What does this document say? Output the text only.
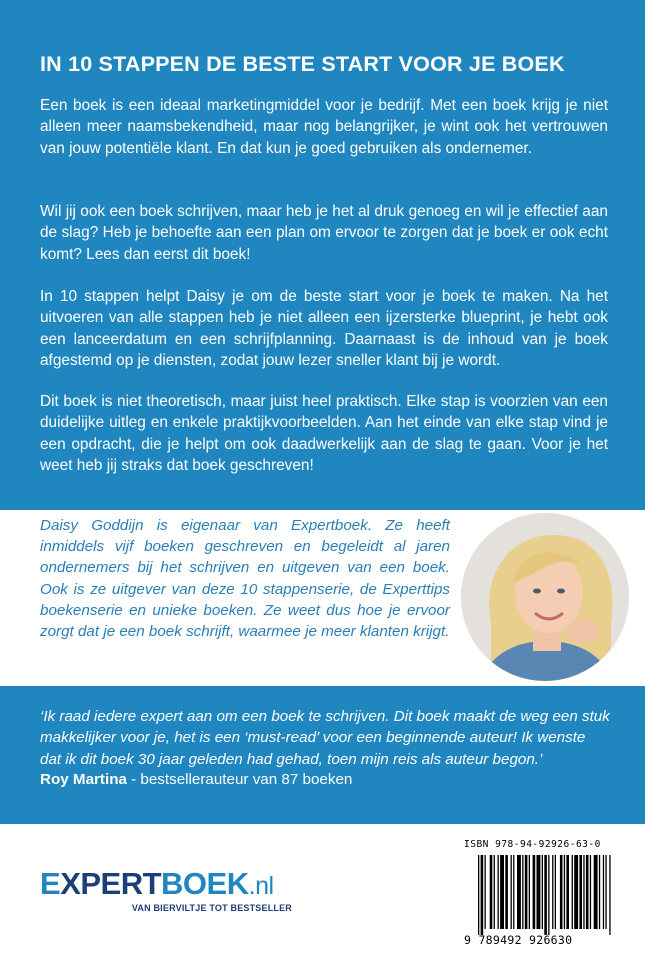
IN 10 STAPPEN DE BESTE START VOOR JE BOEK

Een boek is een ideaal marketingmiddel voor je bedrijf. Met een boek krijg je niet alleen meer naamsbekendheid, maar nog belangrijker, je wint ook het vertrouwen van jouw potentiële klant. En dat kun je goed gebruiken als ondernemer.

Wil jij ook een boek schrijven, maar heb je het al druk genoeg en wil je effectief aan de slag? Heb je behoefte aan een plan om ervoor te zorgen dat je boek er ook echt komt? Lees dan eerst dit boek!

In 10 stappen helpt Daisy je om de beste start voor je boek te maken. Na het uitvoeren van alle stappen heb je niet alleen een ijzersterke blueprint, je hebt ook een lanceerdatum en een schrijfplanning. Daarnaast is de inhoud van je boek afgestemd op je diensten, zodat jouw lezer sneller klant bij je wordt.

Dit boek is niet theoretisch, maar juist heel praktisch. Elke stap is voorzien van een duidelijke uitleg en enkele praktijkvoorbeelden. Aan het einde van elke stap vind je een opdracht, die je helpt om ook daadwerkelijk aan de slag te gaan. Voor je het weet heb jij straks dat boek geschreven!

Daisy Goddijn is eigenaar van Expertboek. Ze heeft inmiddels vijf boeken geschreven en begeleidt al jaren ondernemers bij het schrijven en uitgeven van een boek. Ook is ze uitgever van deze 10 stappenserie, de Experttips boekenserie en unieke boeken. Ze weet dus hoe je ervoor zorgt dat je een boek schrijft, waarmee je meer klanten krijgt.

‘Ik raad iedere expert aan om een boek te schrijven. Dit boek maakt de weg een stuk makkelijker voor je, het is een ‘must-read’ voor een beginnende auteur! Ik wenste dat ik dit boek 30 jaar geleden had gehad, toen mijn reis als auteur begon.’

Roy Martina - bestsellerauteur van 87 boeken

EXPERTBOEK.nl
VAN BIERVILTJE TOT BESTSELLER
ISBN 978-94-92926-63-0
9 789492 926630
